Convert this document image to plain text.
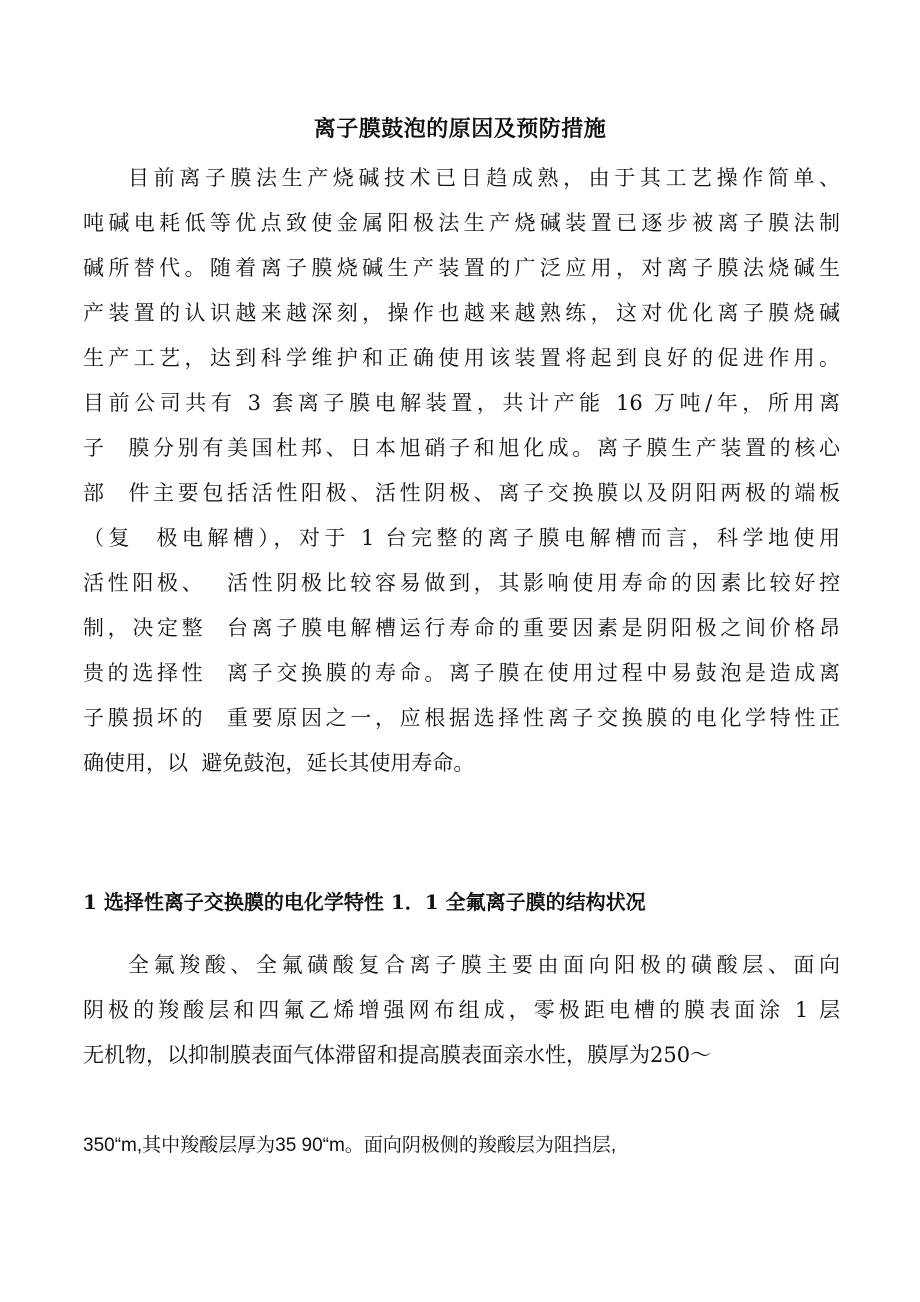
离子膜鼓泡的原因及预防措施
目前离子膜法生产烧碱技术已日趋成熟，由于其工艺操作简单、
吨碱电耗低等优点致使金属阳极法生产烧碱装置已逐步被离子膜法制
碱所替代。随着离子膜烧碱生产装置的广泛应用，对离子膜法烧碱生
产装置的认识越来越深刻，操作也越来越熟练，这对优化离子膜烧碱
生产工艺，达到科学维护和正确使用该装置将起到良好的促进作用。
目前公司共有 3 套离子膜电解装置，共计产能 16 万吨/年，所用离
子  膜分别有美国杜邦、日本旭硝子和旭化成。离子膜生产装置的核心
部  件主要包括活性阳极、活性阴极、离子交换膜以及阴阳两极的端板
（复  极电解槽），对于 1 台完整的离子膜电解槽而言，科学地使用
活性阳极、  活性阴极比较容易做到，其影响使用寿命的因素比较好控
制，决定整  台离子膜电解槽运行寿命的重要因素是阴阳极之间价格昂
贵的选择性  离子交换膜的寿命。离子膜在使用过程中易鼓泡是造成离
子膜损坏的  重要原因之一，应根据选择性离子交换膜的电化学特性正
确使用，以  避免鼓泡，延长其使用寿命。
1 选择性离子交换膜的电化学特性 1．1 全氟离子膜的结构状况
全氟羧酸、全氟磺酸复合离子膜主要由面向阳极的磺酸层、面向
阴极的羧酸层和四氟乙烯增强网布组成，零极距电槽的膜表面涂 1 层
无机物，以抑制膜表面气体滞留和提高膜表面亲水性，膜厚为250〜
350“m,其中羧酸层厚为35 90“m。面向阴极侧的羧酸层为阻挡层,
